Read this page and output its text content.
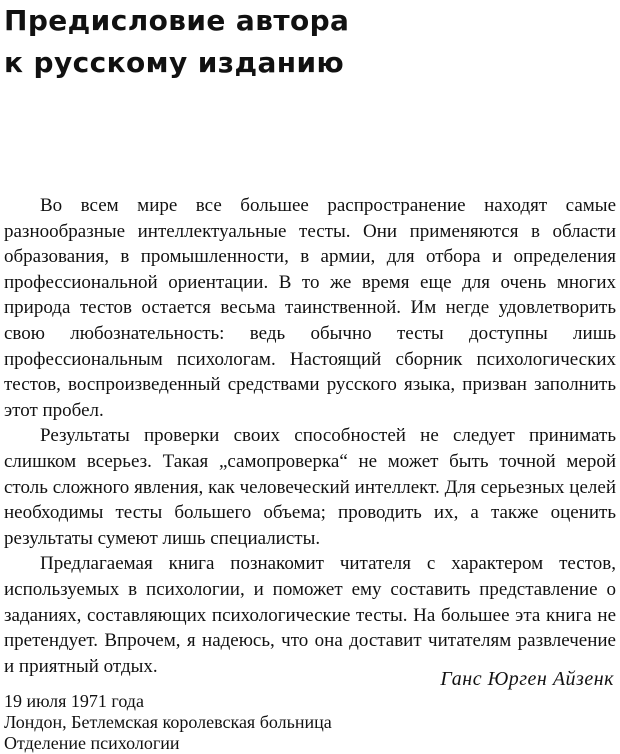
Предисловие автора
к русскому изданию

Во всем мире все большее распространение находят самые разнообразные интеллектуальные тесты. Они применяются в области образования, в промышленности, в армии, для отбора и определения профессиональной ориентации. В то же время еще для очень многих природа тестов остается весьма таинственной. Им негде удовлетворить свою любознательность: ведь обычно тесты доступны лишь профессиональным психологам. Настоящий сборник психологических тестов, воспроизведенный средствами русского языка, призван заполнить этот пробел.

Результаты проверки своих способностей не следует принимать слишком всерьез. Такая „самопроверка“ не может быть точной мерой столь сложного явления, как человеческий интеллект. Для серьезных целей необходимы тесты большего объема; проводить их, а также оценить результаты сумеют лишь специалисты.

Предлагаемая книга познакомит читателя с характером тестов, используемых в психологии, и поможет ему составить представление о заданиях, составляющих психологические тесты. На большее эта книга не претендует. Впрочем, я надеюсь, что она доставит читателям развлечение и приятный отдых.

Ганс Юрген Айзенк
19 июля 1971 года
Лондон, Бетлемская королевская больница
Отделение психологии
